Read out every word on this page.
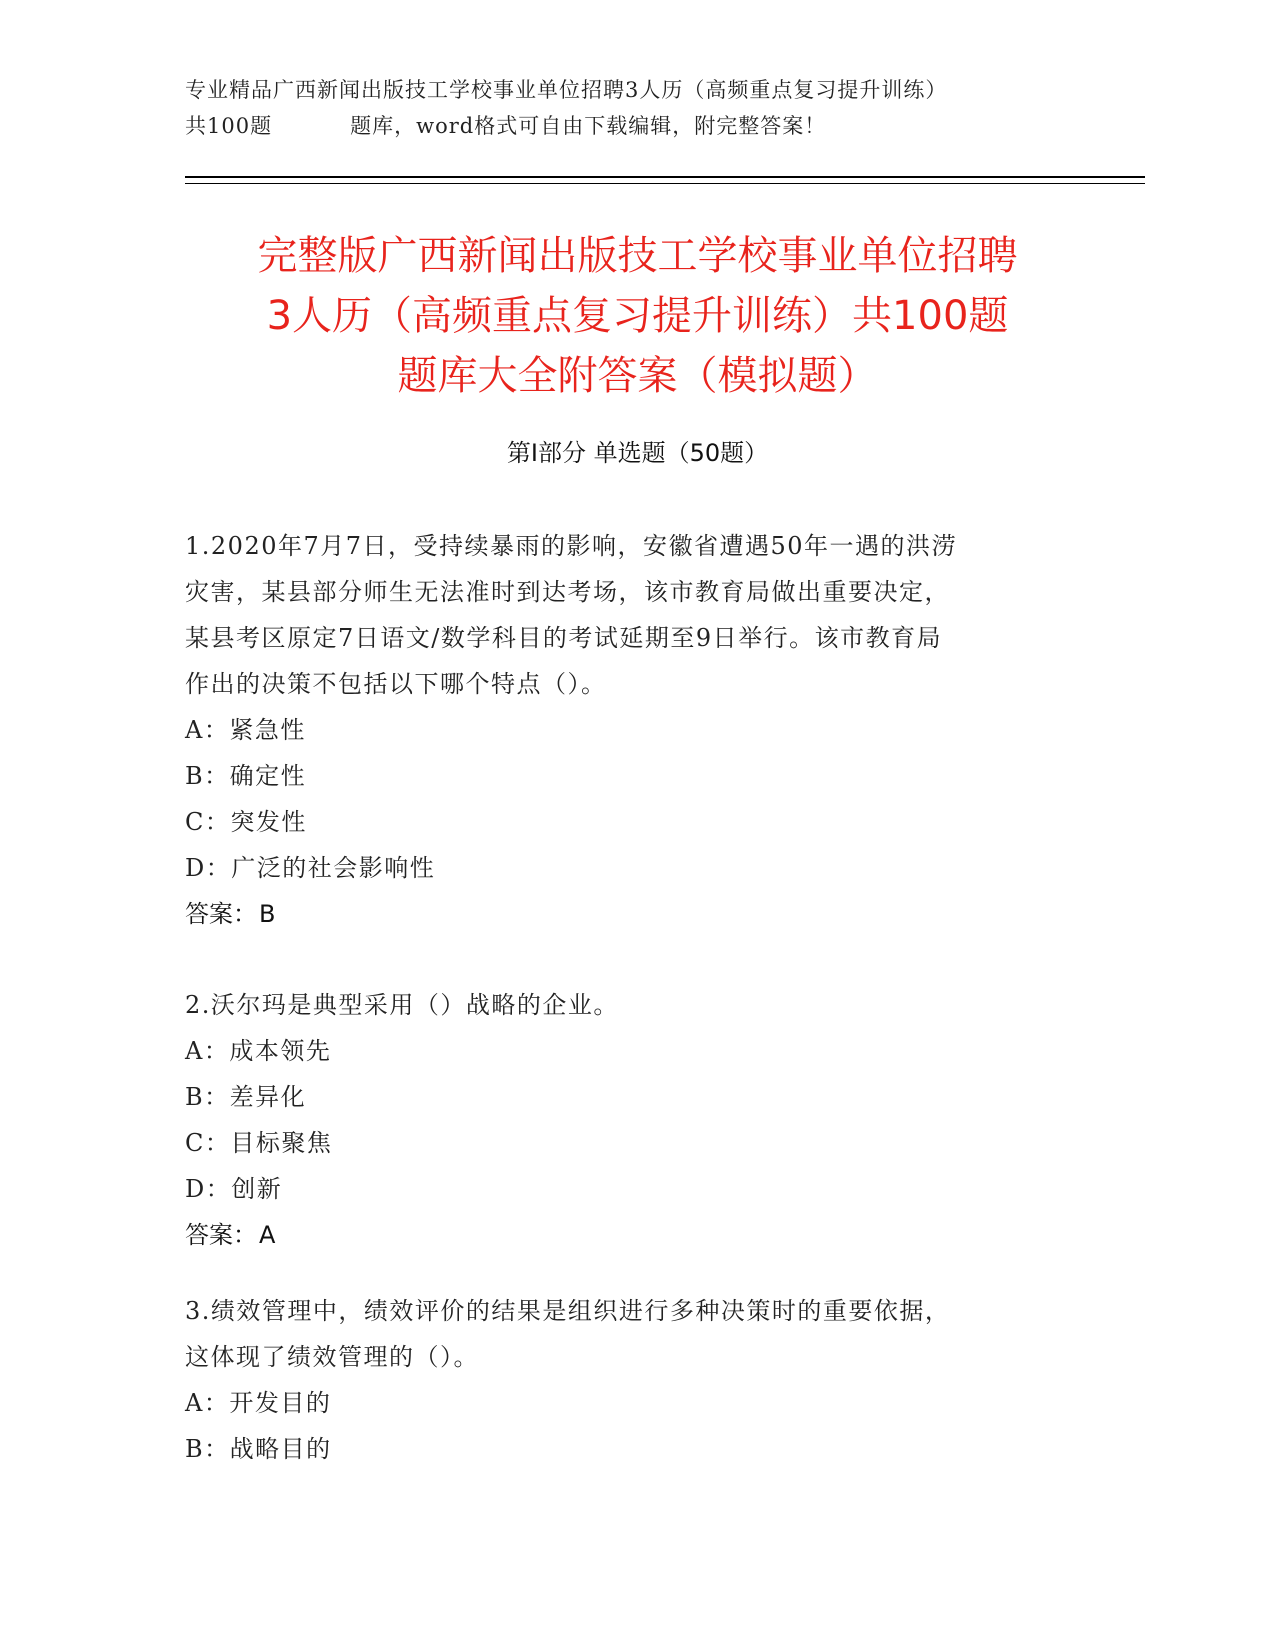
专业精品广西新闻出版技工学校事业单位招聘3人历（高频重点复习提升训练）
共100题	题库，word格式可自由下载编辑，附完整答案！
完整版广西新闻出版技工学校事业单位招聘
3人历（高频重点复习提升训练）共100题
题库大全附答案（模拟题）
第Ⅰ部分 单选题（50题）
1.2020年7月7日，受持续暴雨的影响，安徽省遭遇50年一遇的洪涝
灾害，某县部分师生无法准时到达考场，该市教育局做出重要决定，
某县考区原定7日语文/数学科目的考试延期至9日举行。该市教育局
作出的决策不包括以下哪个特点（）。
A：紧急性
B：确定性
C：突发性
D：广泛的社会影响性
答案：B
2.沃尔玛是典型采用（）战略的企业。
A：成本领先
B：差异化
C：目标聚焦
D：创新
答案：A
3.绩效管理中，绩效评价的结果是组织进行多种决策时的重要依据，
这体现了绩效管理的（）。
A：开发目的
B：战略目的
